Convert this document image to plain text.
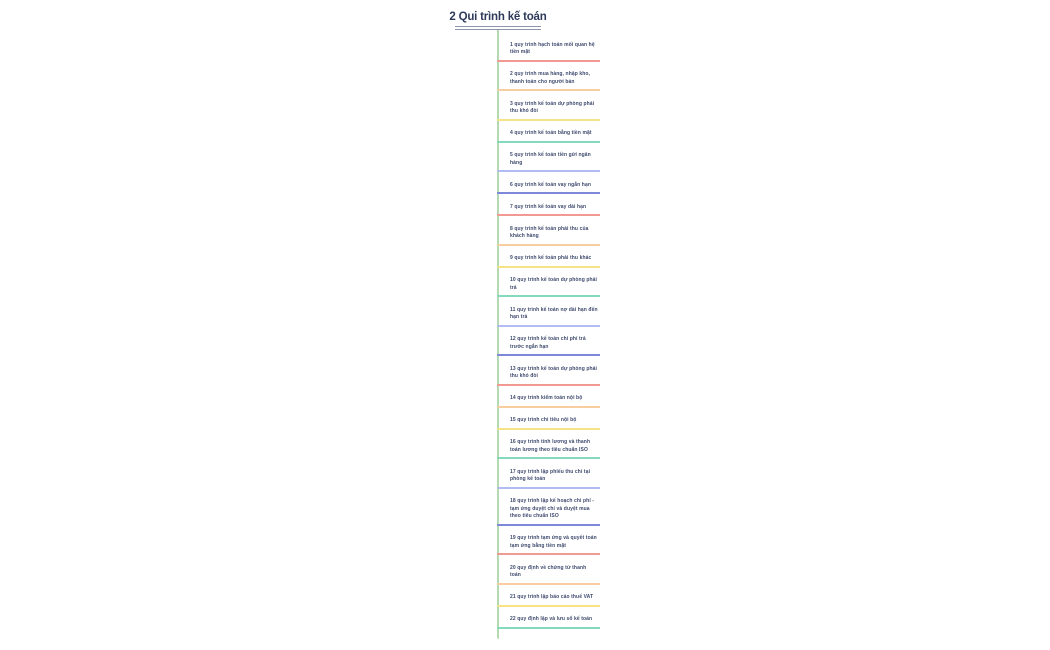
2 Qui trình kế toán
1 quy trình hạch toán mối quan hệ tiền mặt
2 quy trình mua hàng, nhập kho, thanh toán cho người bán
3 quy trình kế toán dự phòng phải thu khó đòi
4 quy trình kế toán bằng tiền mặt
5 quy trình kế toán tiền gửi ngân hàng
6 quy trình kế toán vay ngắn hạn
7 quy trình kế toán vay dài hạn
8 quy trình kế toán phải thu của khách hàng
9 quy trình kế toán phải thu khác
10 quy trình kế toán dự phòng phải trả
11 quy trình kế toán nợ dài hạn đến hạn trả
12 quy trình kế toán chi phí trả trước ngắn hạn
13 quy trình kế toán dự phòng phải thu khó đòi
14 quy trình kiểm toán nội bộ
15 quy trình chi tiêu nội bộ
16 quy trình tính lương và thanh toán lương theo tiêu chuẩn ISO
17 quy trình lập phiếu thu chi tại phòng kế toán
18 quy trình lập kế hoạch chi phí -tạm ứng duyệt chi và duyệt mua theo tiêu chuẩn ISO
19 quy trình tạm ứng và quyết toán tạm ứng bằng tiền mặt
20 quy định về chứng từ thanh toán
21 quy trình lập báo cáo thuế VAT
22 quy định lập và lưu sổ kế toán
